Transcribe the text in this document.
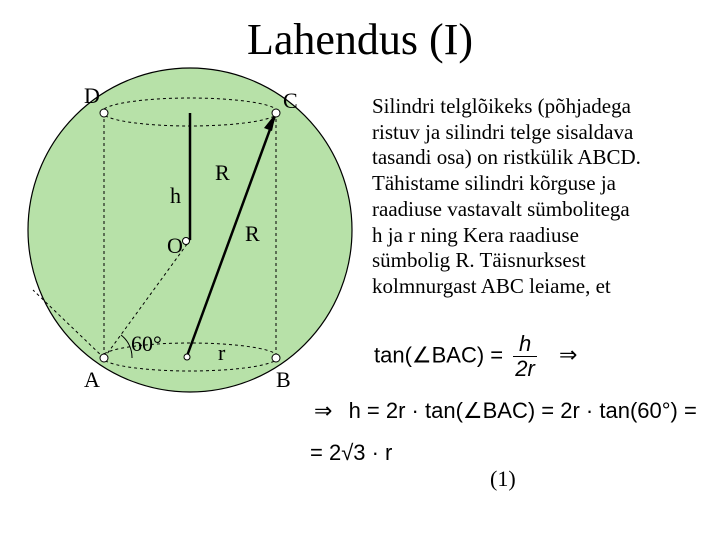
Lahendus (I)
D	C
A	B
O
h
R
R
r
60°
Silindri telglõikeks (põhjadega
ristuv ja silindri telge sisaldava
tasandi osa) on ristkülik ABCD.
Tähistame silindri kõrguse ja
raadiuse vastavalt sümbolitega
h ja r ning Kera raadiuse
sümbolig R. Täisnurksest
kolmnurgast ABC leiame, et
tan(∠BAC) = $\frac{h}{2r}$ ⇒
⇒ h = 2r · tan(∠BAC) = 2r · tan(60°) =
= 2√3 · r
(1)
